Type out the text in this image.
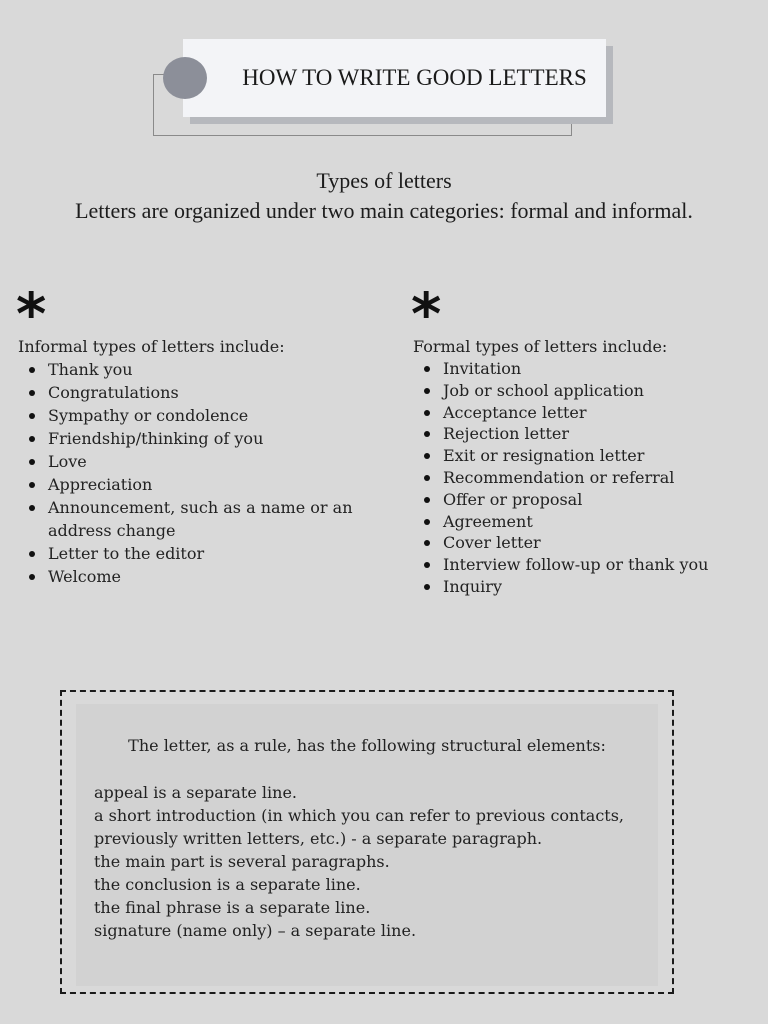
HOW TO WRITE GOOD LETTERS
Types of letters
Letters are organized under two main categories: formal and informal.
*

Informal types of letters include:

Thank you
Congratulations
Sympathy or condolence
Friendship/thinking of you
Love
Appreciation
Announcement, such as a name or an address change
Letter to the editor
Welcome
*

Formal types of letters include:

Invitation
Job or school application
Acceptance letter
Rejection letter
Exit or resignation letter
Recommendation or referral
Offer or proposal
Agreement
Cover letter
Interview follow-up or thank you
Inquiry
The letter, as a rule, has the following structural elements:
appeal is a separate line.
a short introduction (in which you can refer to previous contacts, previously written letters, etc.) - a separate paragraph.
the main part is several paragraphs.
the conclusion is a separate line.
the final phrase is a separate line.
signature (name only) – a separate line.
